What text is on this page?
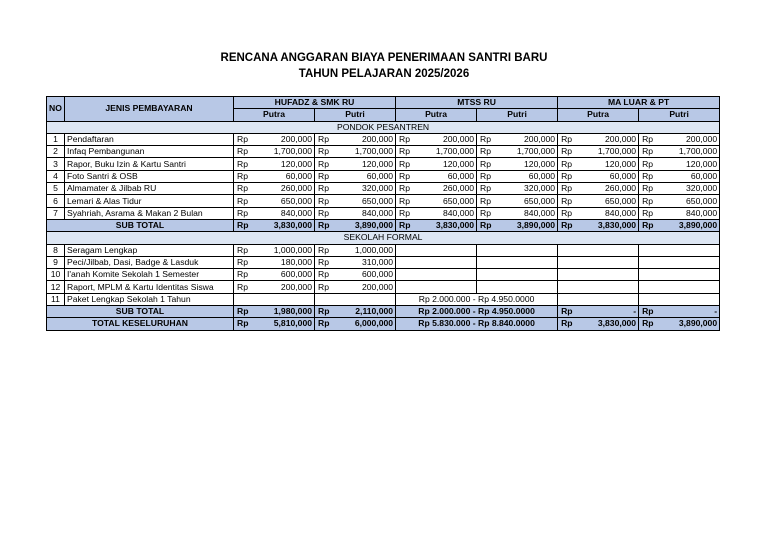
RENCANA ANGGARAN BIAYA PENERIMAAN SANTRI BARU
TAHUN PELAJARAN 2025/2026
NO	JENIS PEMBAYARAN	HUFADZ & SMK RU				MTSS RU				MA LUAR & PT			
		Putra		Putri		Putra		Putri		Putra		Putri	
PONDOK PESANTREN													
1	Pendaftaran	Rp	200,000	Rp	200,000	Rp	200,000	Rp	200,000	Rp	200,000	Rp	200,000
2	Infaq Pembangunan	Rp	1,700,000	Rp	1,700,000	Rp	1,700,000	Rp	1,700,000	Rp	1,700,000	Rp	1,700,000
3	Rapor, Buku Izin & Kartu Santri	Rp	120,000	Rp	120,000	Rp	120,000	Rp	120,000	Rp	120,000	Rp	120,000
4	Foto Santri & OSB	Rp	60,000	Rp	60,000	Rp	60,000	Rp	60,000	Rp	60,000	Rp	60,000
5	Almamater & Jilbab RU	Rp	260,000	Rp	320,000	Rp	260,000	Rp	320,000	Rp	260,000	Rp	320,000
6	Lemari & Alas Tidur	Rp	650,000	Rp	650,000	Rp	650,000	Rp	650,000	Rp	650,000	Rp	650,000
7	Syahriah, Asrama & Makan 2 Bulan	Rp	840,000	Rp	840,000	Rp	840,000	Rp	840,000	Rp	840,000	Rp	840,000
SUB TOTAL		Rp	3,830,000	Rp	3,890,000	Rp	3,830,000	Rp	3,890,000	Rp	3,830,000	Rp	3,890,000
SEKOLAH FORMAL													
8	Seragam Lengkap	Rp	1,000,000	Rp	1,000,000								
9	Peci/Jilbab, Dasi, Badge & Lasduk	Rp	180,000	Rp	310,000								
10	I'anah Komite Sekolah 1 Semester	Rp	600,000	Rp	600,000								
12	Raport, MPLM & Kartu Identitas Siswa	Rp	200,000	Rp	200,000								
11	Paket Lengkap Sekolah 1 Tahun					Rp 2.000.000 - Rp 4.950.0000							
SUB TOTAL		Rp	1,980,000	Rp	2,110,000	Rp 2.000.000 - Rp 4.950.0000				Rp	-	Rp	-
TOTAL KESELURUHAN		Rp	5,810,000	Rp	6,000,000	Rp 5.830.000 - Rp 8.840.0000				Rp	3,830,000	Rp	3,890,000
